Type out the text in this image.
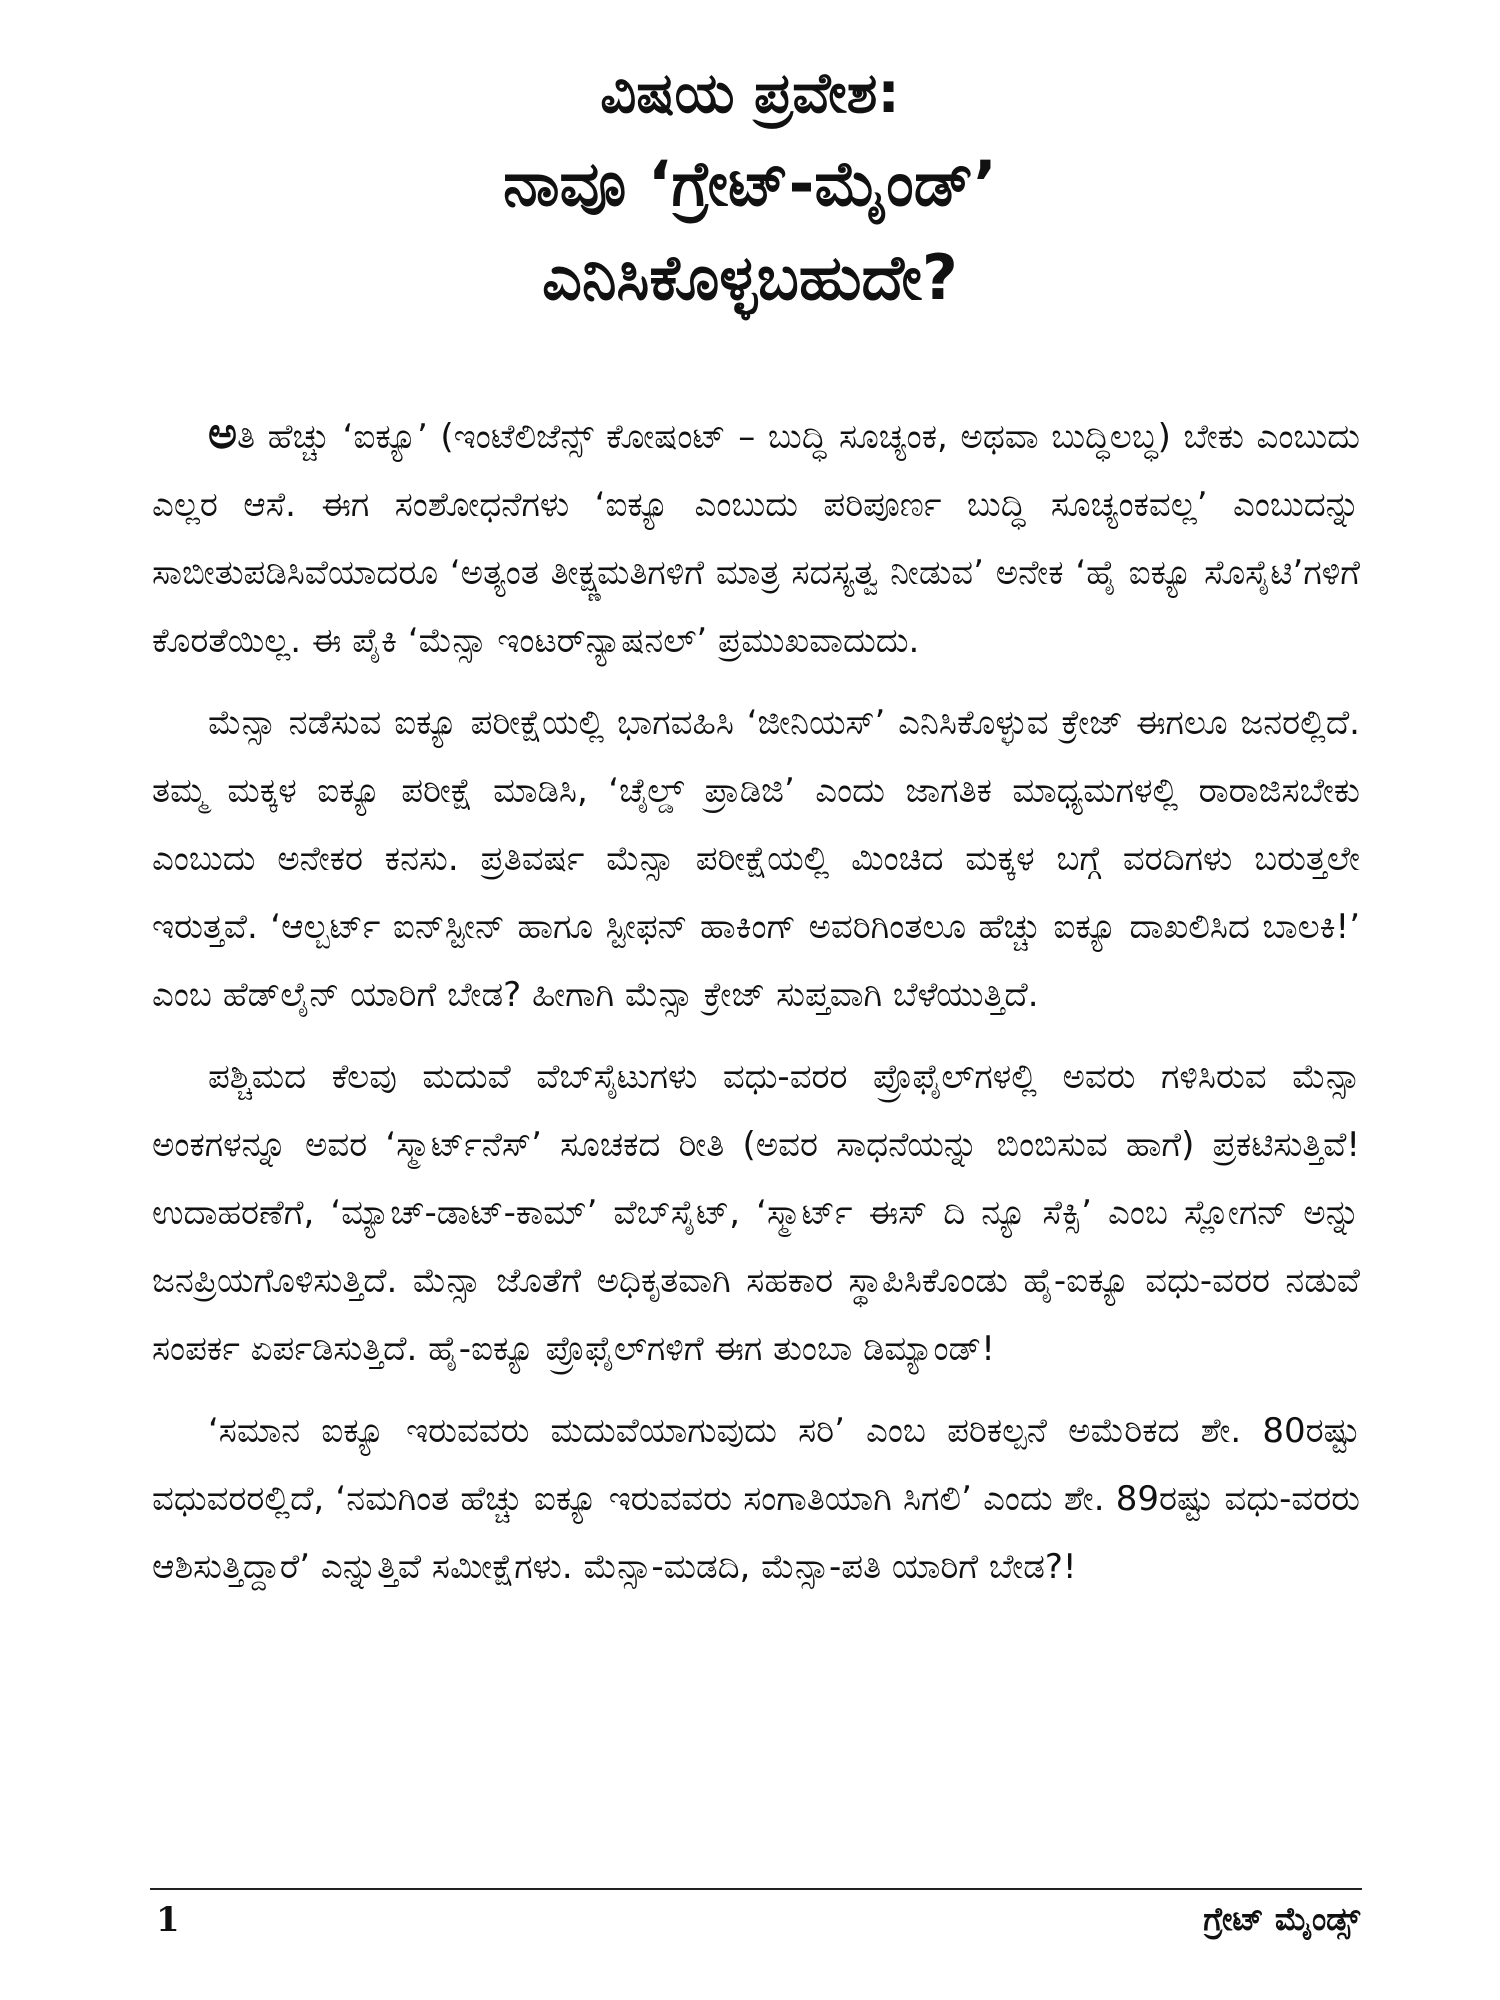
ವಿಷಯ ಪ್ರವೇಶ:
ನಾವೂ ‘ಗ್ರೇಟ್-ಮೈಂಡ್’
ಎನಿಸಿಕೊಳ್ಳಬಹುದೇ?

ಅತಿ ಹೆಚ್ಚು ‘ಐಕ್ಯೂ’ (ಇಂಟೆಲಿಜೆನ್ಸ್ ಕೋಷಂಟ್ – ಬುದ್ಧಿ ಸೂಚ್ಯಂಕ, ಅಥವಾ ಬುದ್ಧಿಲಬ್ಧ) ಬೇಕು ಎಂಬುದು ಎಲ್ಲರ ಆಸೆ. ಈಗ ಸಂಶೋಧನೆಗಳು ‘ಐಕ್ಯೂ ಎಂಬುದು ಪರಿಪೂರ್ಣ ಬುದ್ಧಿ ಸೂಚ್ಯಂಕವಲ್ಲ’ ಎಂಬುದನ್ನು ಸಾಬೀತುಪಡಿಸಿವೆಯಾದರೂ ‘ಅತ್ಯಂತ ತೀಕ್ಷ್ಣಮತಿಗಳಿಗೆ ಮಾತ್ರ ಸದಸ್ಯತ್ವ ನೀಡುವ’ ಅನೇಕ ‘ಹೈ ಐಕ್ಯೂ ಸೊಸೈಟಿ’ಗಳಿಗೆ ಕೊರತೆಯಿಲ್ಲ. ಈ ಪೈಕಿ ‘ಮೆನ್ಸಾ ಇಂಟರ್‌ನ್ಯಾಷನಲ್’ ಪ್ರಮುಖವಾದುದು.

ಮೆನ್ಸಾ ನಡೆಸುವ ಐಕ್ಯೂ ಪರೀಕ್ಷೆಯಲ್ಲಿ ಭಾಗವಹಿಸಿ ‘ಜೀನಿಯಸ್’ ಎನಿಸಿಕೊಳ್ಳುವ ಕ್ರೇಜ್ ಈಗಲೂ ಜನರಲ್ಲಿದೆ. ತಮ್ಮ ಮಕ್ಕಳ ಐಕ್ಯೂ ಪರೀಕ್ಷೆ ಮಾಡಿಸಿ, ‘ಚೈಲ್ಡ್ ಪ್ರಾಡಿಜಿ’ ಎಂದು ಜಾಗತಿಕ ಮಾಧ್ಯಮಗಳಲ್ಲಿ ರಾರಾಜಿಸಬೇಕು ಎಂಬುದು ಅನೇಕರ ಕನಸು. ಪ್ರತಿವರ್ಷ ಮೆನ್ಸಾ ಪರೀಕ್ಷೆಯಲ್ಲಿ ಮಿಂಚಿದ ಮಕ್ಕಳ ಬಗ್ಗೆ ವರದಿಗಳು ಬರುತ್ತಲೇ ಇರುತ್ತವೆ. ‘ಆಲ್ಬರ್ಟ್ ಐನ್‌ಸ್ಟೀನ್ ಹಾಗೂ ಸ್ಟೀಫನ್ ಹಾಕಿಂಗ್ ಅವರಿಗಿಂತಲೂ ಹೆಚ್ಚು ಐಕ್ಯೂ ದಾಖಲಿಸಿದ ಬಾಲಕಿ!’ ಎಂಬ ಹೆಡ್‌ಲೈನ್ ಯಾರಿಗೆ ಬೇಡ? ಹೀಗಾಗಿ ಮೆನ್ಸಾ ಕ್ರೇಜ್ ಸುಪ್ತವಾಗಿ ಬೆಳೆಯುತ್ತಿದೆ.

ಪಶ್ಚಿಮದ ಕೆಲವು ಮದುವೆ ವೆಬ್‌ಸೈಟುಗಳು ವಧು-ವರರ ಪ್ರೊಫೈಲ್‌ಗಳಲ್ಲಿ ಅವರು ಗಳಿಸಿರುವ ಮೆನ್ಸಾ ಅಂಕಗಳನ್ನೂ ಅವರ ‘ಸ್ಮಾರ್ಟ್‌ನೆಸ್’ ಸೂಚಕದ ರೀತಿ (ಅವರ ಸಾಧನೆಯನ್ನು ಬಿಂಬಿಸುವ ಹಾಗೆ) ಪ್ರಕಟಿಸುತ್ತಿವೆ! ಉದಾಹರಣೆಗೆ, ‘ಮ್ಯಾಚ್-ಡಾಟ್-ಕಾಮ್’ ವೆಬ್‌ಸೈಟ್, ‘ಸ್ಮಾರ್ಟ್ ಈಸ್ ದಿ ನ್ಯೂ ಸೆಕ್ಸಿ’ ಎಂಬ ಸ್ಲೋಗನ್ ಅನ್ನು ಜನಪ್ರಿಯಗೊಳಿಸುತ್ತಿದೆ. ಮೆನ್ಸಾ ಜೊತೆಗೆ ಅಧಿಕೃತವಾಗಿ ಸಹಕಾರ ಸ್ಥಾಪಿಸಿಕೊಂಡು ಹೈ-ಐಕ್ಯೂ ವಧು-ವರರ ನಡುವೆ ಸಂಪರ್ಕ ಏರ್ಪಡಿಸುತ್ತಿದೆ. ಹೈ-ಐಕ್ಯೂ ಪ್ರೊಫೈಲ್‌ಗಳಿಗೆ ಈಗ ತುಂಬಾ ಡಿಮ್ಯಾಂಡ್!

‘ಸಮಾನ ಐಕ್ಯೂ ಇರುವವರು ಮದುವೆಯಾಗುವುದು ಸರಿ’ ಎಂಬ ಪರಿಕಲ್ಪನೆ ಅಮೆರಿಕದ ಶೇ. 80ರಷ್ಟು ವಧುವರರಲ್ಲಿದೆ, ‘ನಮಗಿಂತ ಹೆಚ್ಚು ಐಕ್ಯೂ ಇರುವವರು ಸಂಗಾತಿಯಾಗಿ ಸಿಗಲಿ’ ಎಂದು ಶೇ. 89ರಷ್ಟು ವಧು-ವರರು ಆಶಿಸುತ್ತಿದ್ದಾರೆ’ ಎನ್ನುತ್ತಿವೆ ಸಮೀಕ್ಷೆಗಳು. ಮೆನ್ಸಾ-ಮಡದಿ, ಮೆನ್ಸಾ-ಪತಿ ಯಾರಿಗೆ ಬೇಡ?!

1	ಗ್ರೇಟ್ ಮೈಂಡ್ಸ್
